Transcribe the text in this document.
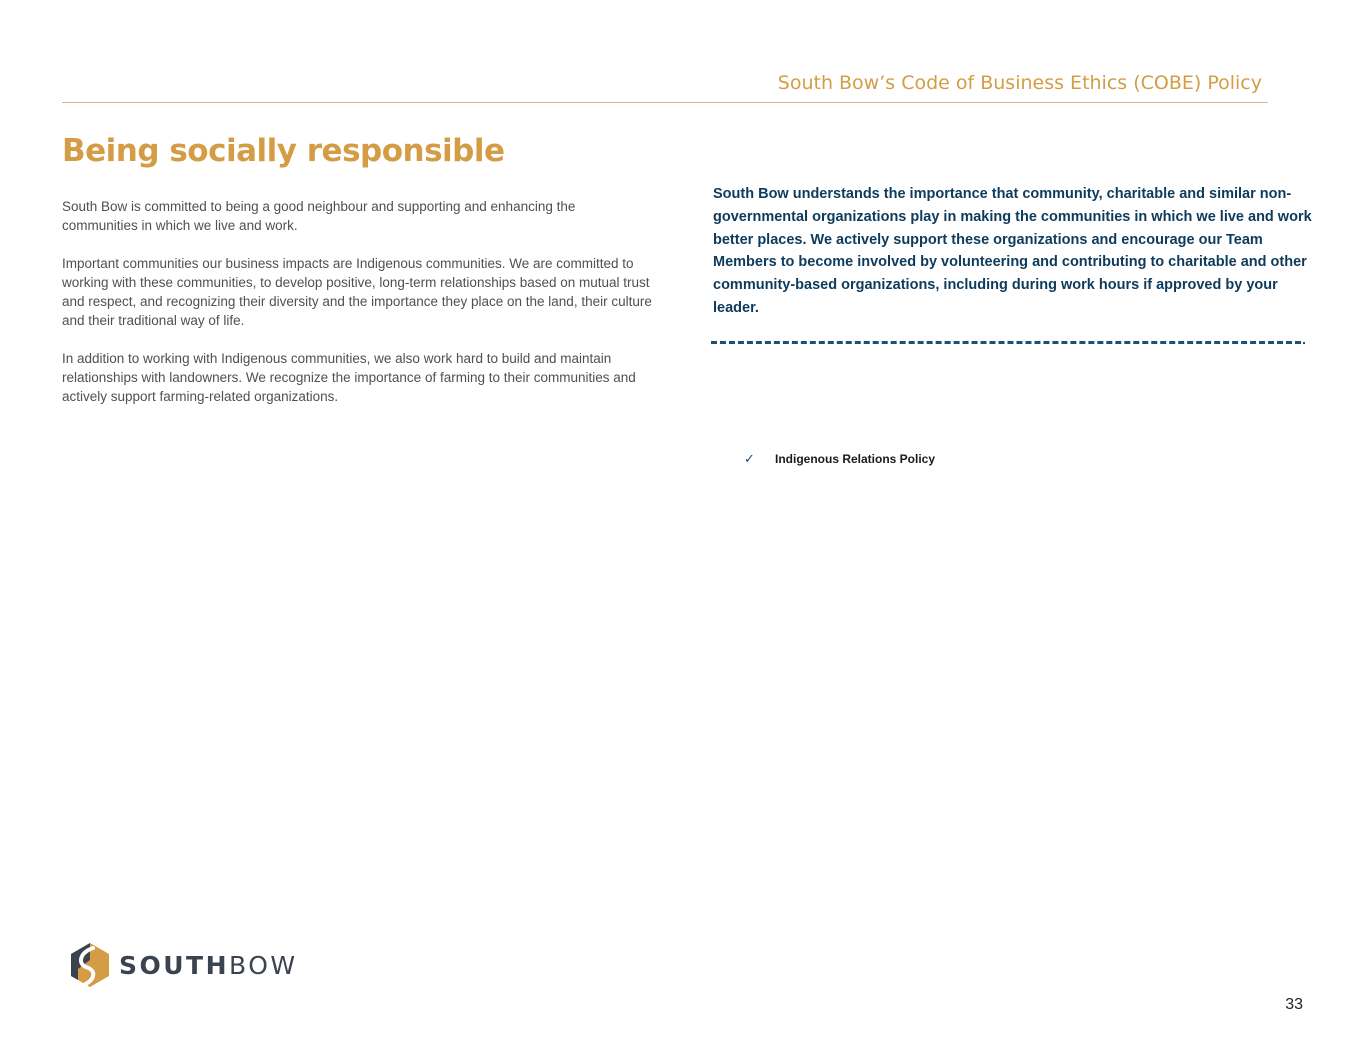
South Bow’s Code of Business Ethics (COBE) Policy
Being socially responsible

South Bow is committed to being a good neighbour and supporting and enhancing the communities in which we live and work.

Important communities our business impacts are Indigenous communities. We are committed to working with these communities, to develop positive, long-term relationships based on mutual trust and respect, and recognizing their diversity and the importance they place on the land, their culture and their traditional way of life.

In addition to working with Indigenous communities, we also work hard to build and maintain relationships with landowners. We recognize the importance of farming to their communities and actively support farming-related organizations.

South Bow understands the importance that community, charitable and similar non-governmental organizations play in making the communities in which we live and work better places. We actively support these organizations and encourage our Team Members to become involved by volunteering and contributing to charitable and other community-based organizations, including during work hours if approved by your leader.
✓ Indigenous Relations Policy
SOUTHBOW
33
